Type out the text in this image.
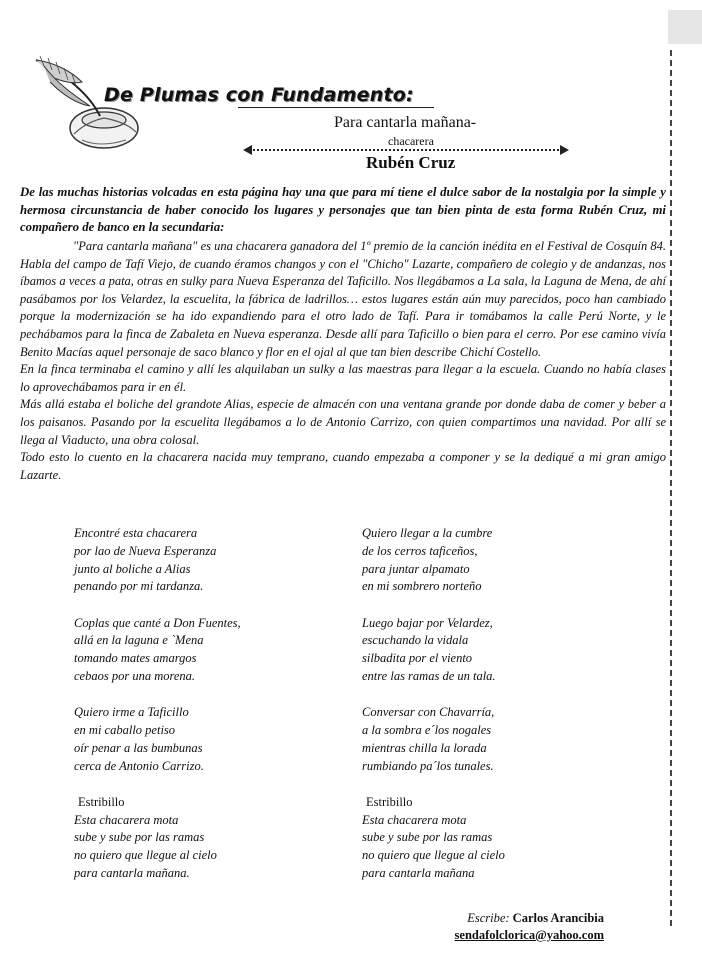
De Plumas con Fundamento:
Para cantarla mañana-
chacarera
Rubén Cruz

De las muchas historias volcadas en esta página hay una que para mí tiene el dulce sabor de la nostalgia por la simple y hermosa circunstancia de haber conocido los lugares y personajes que tan bien pinta de esta forma Rubén Cruz, mi compañero de banco en la secundaria:

"Para cantarla mañana" es una chacarera ganadora del 1º premio de la canción inédita en el Festival de Cosquín 84. Habla del campo de Tafí Viejo, de cuando éramos changos y con el "Chicho" Lazarte, compañero de colegio y de andanzas, nos íbamos a veces a pata, otras en sulky para Nueva Esperanza del Taficillo. Nos llegábamos a La sala, la Laguna de Mena, de ahí pasábamos por los Velardez, la escuelita, la fábrica de ladrillos… estos lugares están aún muy parecidos, poco han cambiado porque la modernización se ha ido expandiendo para el otro lado de Tafí. Para ir tomábamos la calle Perú Norte, y le pechábamos para la finca de Zabaleta en Nueva esperanza. Desde allí para Taficillo o bien para el cerro. Por ese camino vivía Benito Macías aquel personaje de saco blanco y flor en el ojal al que tan bien describe Chichí Costello.

En la finca terminaba el camino y allí les alquilaban un sulky a las maestras para llegar a la escuela. Cuando no había clases lo aprovechábamos para ir en él.

Más allá estaba el boliche del grandote Alias, especie de almacén con una ventana grande por donde daba de comer y beber a los paisanos. Pasando por la escuelita llegábamos a lo de Antonio Carrizo, con quien compartimos una navidad. Por allí se llega al Viaducto, una obra colosal.

Todo esto lo cuento en la chacarera nacida muy temprano, cuando empezaba a componer y se la dediqué a mi gran amigo Lazarte.

Encontré esta chacarera
por lao de Nueva Esperanza
junto al boliche a Alias
penando por mi tardanza.
Coplas que canté a Don Fuentes,
allá en la laguna e `Mena
tomando mates amargos
cebaos por una morena.
Quiero irme a Taficillo
en mi caballo petiso
oír penar a las bumbunas
cerca de Antonio Carrizo.
Estribillo
Esta chacarera mota
sube y sube por las ramas
no quiero que llegue al cielo
para cantarla mañana.
Quiero llegar a la cumbre
de los cerros taficeños,
para juntar alpamato
en mi sombrero norteño
Luego bajar por Velardez,
escuchando la vidala
silbadita por el viento
entre las ramas de un tala.
Conversar con Chavarría,
a la sombra e´los nogales
mientras chilla la lorada
rumbiando pa´los tunales.
Estribillo
Esta chacarera mota
sube y sube por las ramas
no quiero que llegue al cielo
para cantarla mañana
Escribe: Carlos Arancibia
sendafolclorica@yahoo.com
